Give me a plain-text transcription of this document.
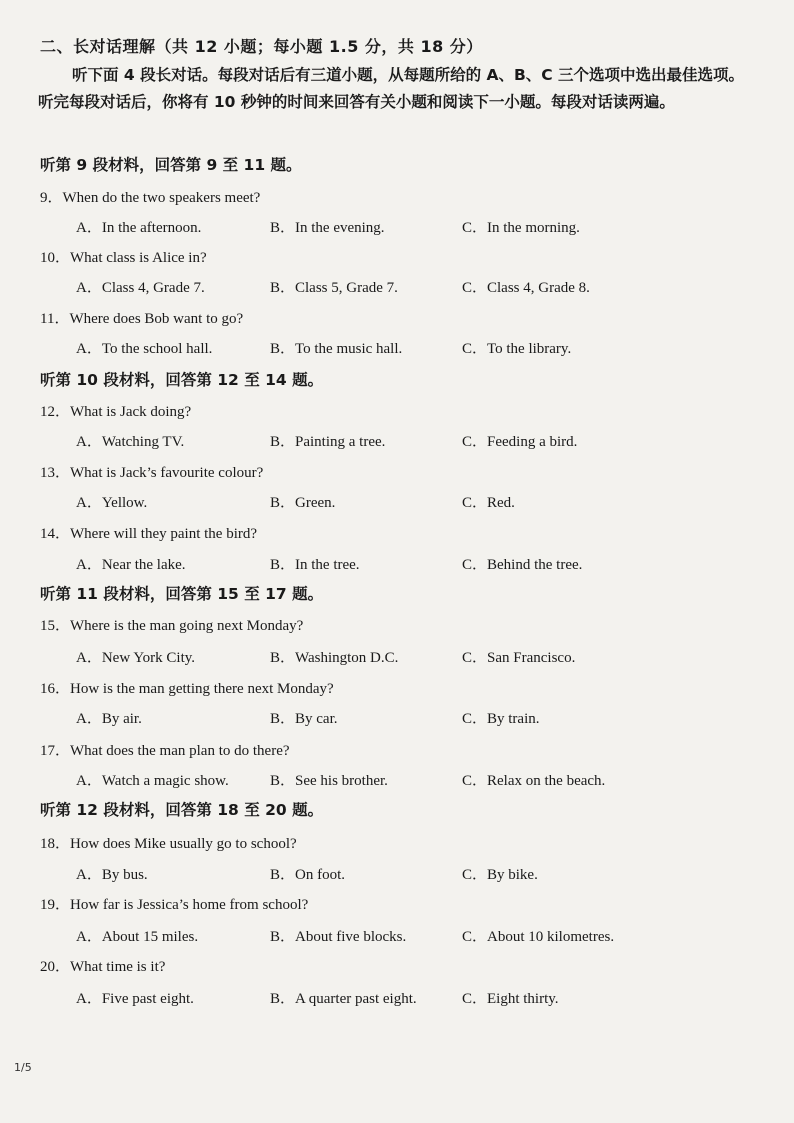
二、长对话理解（共 12 小题；每小题 1.5 分，共 18 分）
听下面 4 段长对话。每段对话后有三道小题，从每题所给的 A、B、C 三个选项中选出最佳选项。听完每段对话后，你将有 10 秒钟的时间来回答有关小题和阅读下一小题。每段对话读两遍。
听第 9 段材料，回答第 9 至 11 题。
9．When do the two speakers meet?
A．In the afternoon.	B．In the evening.	C．In the morning.
10．What class is Alice in?
A．Class 4, Grade 7.	B．Class 5, Grade 7.	C．Class 4, Grade 8.
11．Where does Bob want to go?
A．To the school hall.	B．To the music hall.	C．To the library.
听第 10 段材料，回答第 12 至 14 题。
12．What is Jack doing?
A．Watching TV.	B．Painting a tree.	C．Feeding a bird.
13．What is Jack’s favourite colour?
A．Yellow.	B．Green.	C．Red.
14．Where will they paint the bird?
A．Near the lake.	B．In the tree.	C．Behind the tree.
听第 11 段材料，回答第 15 至 17 题。
15．Where is the man going next Monday?
A．New York City.	B．Washington D.C.	C．San Francisco.
16．How is the man getting there next Monday?
A．By air.	B．By car.	C．By train.
17．What does the man plan to do there?
A．Watch a magic show.	B．See his brother.	C．Relax on the beach.
听第 12 段材料，回答第 18 至 20 题。
18．How does Mike usually go to school?
A．By bus.	B．On foot.	C．By bike.
19．How far is Jessica’s home from school?
A．About 15 miles.	B．About five blocks.	C．About 10 kilometres.
20．What time is it?
A．Five past eight.	B．A quarter past eight.	C．Eight thirty.
1/5
